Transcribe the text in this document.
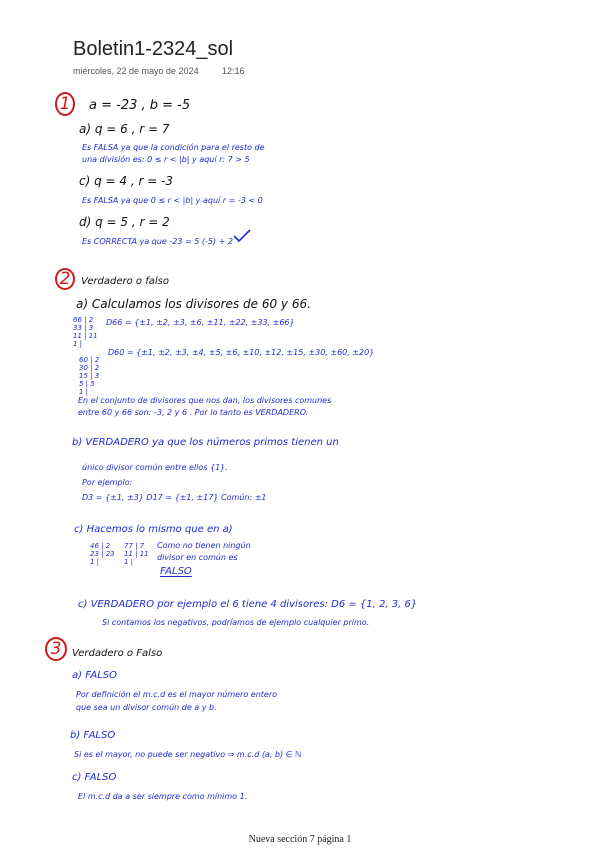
Boletin1-2324_sol
miércoles, 22 de mayo de 2024	12:16
1	a = -23 , b = -5
a) q = 6 , r = 7
Es FALSA ya que la condición para el resto de
una división es: 0 ≤ r < |b| y aquí r: 7 > 5
c) q = 4 , r = -3
Es FALSA ya que 0 ≤ r < |b| y aquí r = -3 < 0
d) q = 5 , r = 2
Es CORRECTA ya que -23 = 5 (-5) + 2
2	Verdadero o falso
a) Calculamos los divisores de 60 y 66.
66 | 2
33 | 3
11 | 11
1 |
D66 = {±1, ±2, ±3, ±6, ±11, ±22, ±33, ±66}
60 | 2
30 | 2
15 | 3
5 | 5
1 |
D60 = {±1, ±2, ±3, ±4, ±5, ±6, ±10, ±12, ±15, ±30, ±60, ±20}
En el conjunto de divisores que nos dan, los divisores comunes
entre 60 y 66 son: -3, 2 y 6 . Por lo tanto es VERDADERO.
b) VERDADERO ya que los números primos tienen un
único divisor común entre ellos {1}.
Por ejemplo:
D3 = {±1, ±3} D17 = {±1, ±17} Común: ±1
c) Hacemos lo mismo que en a)
46 | 2
23 | 23
1 |
77 | 7
11 | 11
1 |
Como no tienen ningún
divisor en común es
FALSO
c) VERDADERO por ejemplo el 6 tiene 4 divisores: D6 = {1, 2, 3, 6}
Si contamos los negativos, podríamos de ejemplo cualquier primo.
3	Verdadero o Falso
a) FALSO
Por definición el m.c.d es el mayor número entero
que sea un divisor común de a y b.
b) FALSO
Si es el mayor, no puede ser negativo ⇒ m.c.d (a, b) ∈ ℕ
c) FALSO
El m.c.d da a ser siempre como mínimo 1.
Nueva sección 7 página 1
